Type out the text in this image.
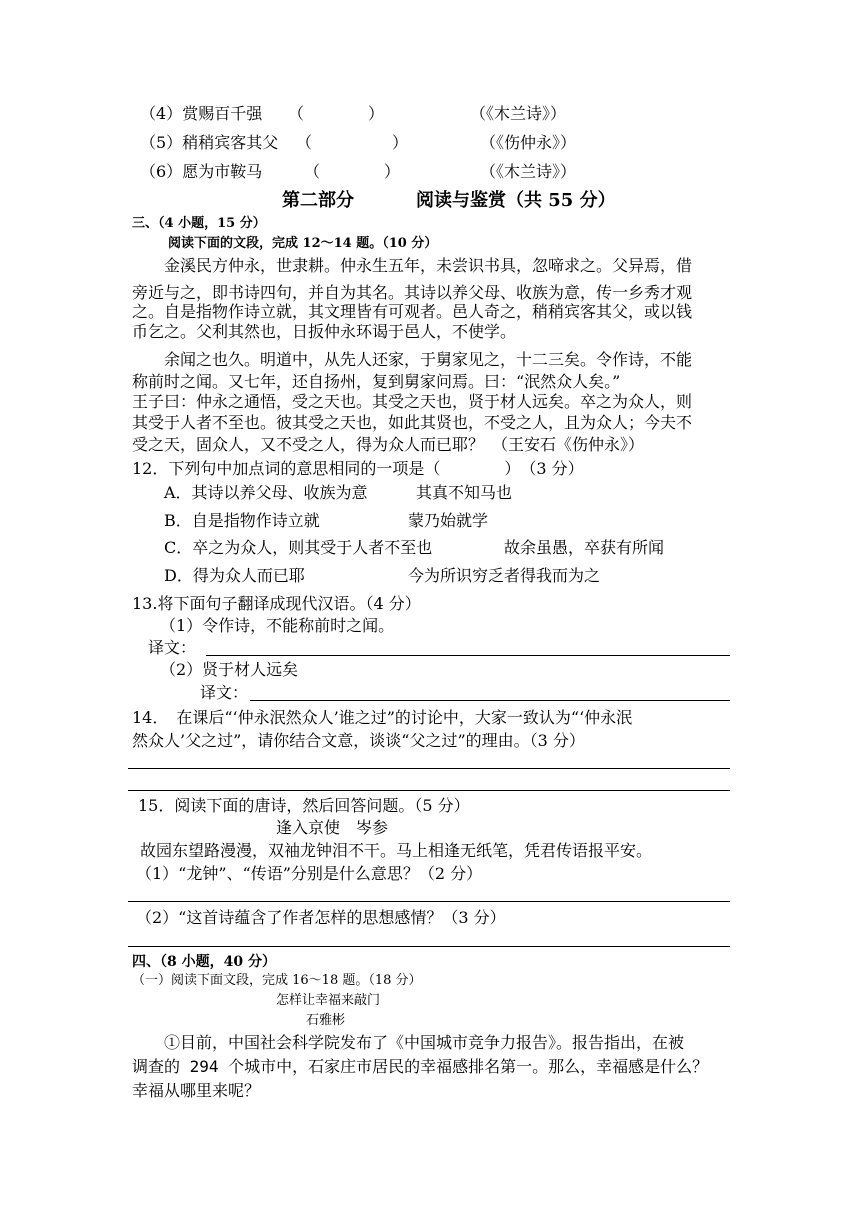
（4）赏赐百千强 （　　　　）	（《木兰诗》）
（5）稍稍宾客其父 （　　　　　）	（《伤仲永》）
（6）愿为市鞍马	（　　　　）	（《木兰诗》）
第二部分	阅读与鉴赏（共 55 分）
三、（4 小题，15 分）
阅读下面的文段，完成 12～14 题。（10 分）
金溪民方仲永，世隶耕。仲永生五年，未尝识书具，忽啼求之。父异焉，借
旁近与之，即书诗四句，并自为其名。其诗以养父母、收族为意，传一乡秀才观
之。自是指物作诗立就，其文理皆有可观者。邑人奇之，稍稍宾客其父，或以钱
币乞之。父利其然也，日扳仲永环谒于邑人，不使学。
余闻之也久。明道中，从先人还家，于舅家见之，十二三矣。令作诗，不能
称前时之闻。又七年，还自扬州，复到舅家问焉。曰：“泯然众人矣。”
王子曰：仲永之通悟，受之天也。其受之天也，贤于材人远矣。卒之为众人，则
其受于人者不至也。彼其受之天也，如此其贤也，不受之人，且为众人；今夫不
受之天，固众人，又不受之人，得为众人而已耶？　（王安石《伤仲永》）
12．下列句中加点词的意思相同的一项是（　　　　）　（3 分）
A．其诗以养父母、收族为意	其真不知马也
B．自是指物作诗立就	蒙乃始就学
C．卒之为众人，则其受于人者不至也	故余虽愚，卒获有所闻
D．得为众人而已耶	今为所识穷乏者得我而为之
13.将下面句子翻译成现代汉语。（4 分）
（1）令作诗，不能称前时之闻。
译文：
（2）贤于材人远矣
译文：
14．　在课后“‘仲永泯然众人’谁之过”的讨论中，大家一致认为“‘仲永泯
然众人’父之过”，请你结合文意，谈谈“父之过”的理由。（3 分）
15．阅读下面的唐诗，然后回答问题。（5 分）
逢入京使 岑参
故园东望路漫漫，双袖龙钟泪不干。马上相逢无纸笔，凭君传语报平安。
（1）“龙钟”、“传语”分别是什么意思？（2 分）
（2）“这首诗蕴含了作者怎样的思想感情？（3 分）
四、（8 小题，40 分）
（一）阅读下面文段，完成 16～18 题。（18 分）
怎样让幸福来敲门
石雅彬
①目前，中国社会科学院发布了《中国城市竞争力报告》。报告指出，在被
调查的 294 个城市中，石家庄市居民的幸福感排名第一。那么，幸福感是什么？
幸福从哪里来呢？
